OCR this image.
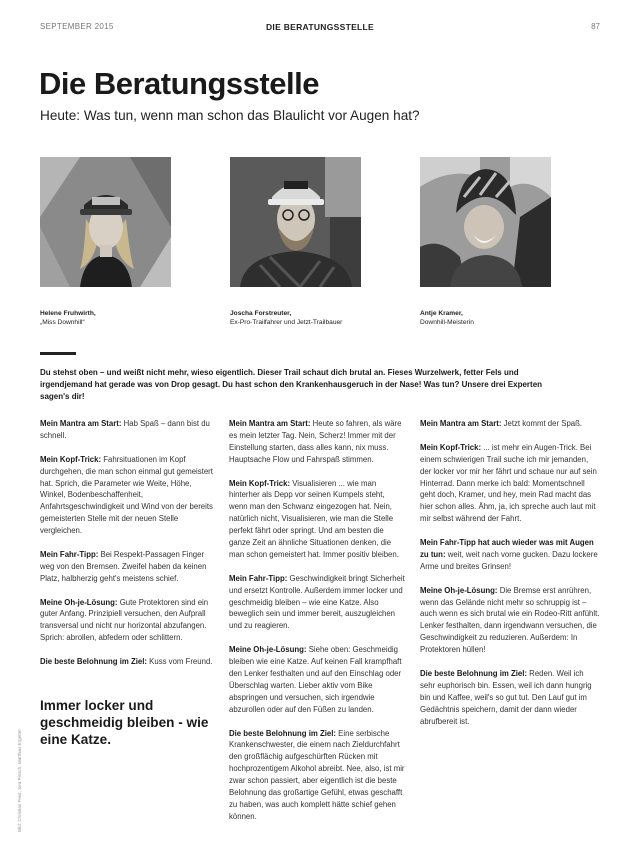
SEPTEMBER 2015	DIE BERATUNGSSTELLE	87
Die Beratungsstelle
Heute: Was tun, wenn man schon das Blaulicht vor Augen hat?
Helene Fruhwirth,
„Miss Downhill“
Joscha Forstreuter,
Ex-Pro-Trailfahrer und Jetzt-Trailbauer
Antje Kramer,
Downhill-Meisterin
Du stehst oben – und weißt nicht mehr, wieso eigentlich. Dieser Trail schaut dich brutal an. Fieses Wurzelwerk, fetter Fels und irgendjemand hat gerade was von Drop gesagt. Du hast schon den Krankenhausgeruch in der Nase! Was tun? Unsere drei Experten sagen's dir!

Mein Mantra am Start: Hab Spaß – dann bist du schnell.

Mein Kopf-Trick: Fahrsituationen im Kopf durchgehen, die man schon einmal gut gemeistert hat. Sprich, die Parameter wie Weite, Höhe, Winkel, Bodenbeschaffenheit, Anfahrtsgeschwindigkeit und Wind von der bereits gemeisterten Stelle mit der neuen Stelle vergleichen.

Mein Fahr-Tipp: Bei Respekt-Passagen Finger weg von den Bremsen. Zweifel haben da keinen Platz, halbherzig geht's meistens schief.

Meine Oh-je-Lösung: Gute Protektoren sind ein guter Anfang. Prinzipiell versuchen, den Aufprall transversal und nicht nur horizontal abzufangen. Sprich: abrollen, abfedern oder schlittern.

Die beste Belohnung im Ziel: Kuss vom Freund.

Mein Mantra am Start: Heute so fahren, als wäre es mein letzter Tag. Nein, Scherz! Immer mit der Einstellung starten, dass alles kann, nix muss. Hauptsache Flow und Fahrspaß stimmen.

Mein Kopf-Trick: Visualisieren ... wie man hinterher als Depp vor seinen Kumpels steht, wenn man den Schwanz eingezogen hat. Nein, natürlich nicht, Visualisieren, wie man die Stelle perfekt fährt oder springt. Und am besten die ganze Zeit an ähnliche Situationen denken, die man schon gemeistert hat. Immer positiv bleiben.

Mein Fahr-Tipp: Geschwindigkeit bringt Sicherheit und ersetzt Kontrolle. Außerdem immer locker und geschmeidig bleiben – wie eine Katze. Also beweglich sein und immer bereit, auszugleichen und zu reagieren.

Meine Oh-je-Lösung: Siehe oben: Geschmeidig bleiben wie eine Katze. Auf keinen Fall krampfhaft den Lenker festhalten und auf den Einschlag oder Überschlag warten. Lieber aktiv vom Bike abspringen und versuchen, sich irgendwie abzurollen oder auf den Füßen zu landen.

Die beste Belohnung im Ziel: Eine serbische Krankenschwester, die einem nach Zieldurchfahrt den großflächig aufgeschürften Rücken mit hochprozentigem Alkohol abreibt. Nee, also, ist mir zwar schon passiert, aber eigentlich ist die beste Belohnung das großartige Gefühl, etwas geschafft zu haben, was auch komplett hätte schief gehen können.

Mein Mantra am Start: Jetzt kommt der Spaß.

Mein Kopf-Trick: ... ist mehr ein Augen-Trick. Bei einem schwierigen Trail suche ich mir jemanden, der locker vor mir her fährt und schaue nur auf sein Hinterrad. Dann merke ich bald: Momentschnell geht doch, Kramer, und hey, mein Rad macht das hier schon alles. Ähm, ja, ich spreche auch laut mit mir selbst während der Fahrt.

Mein Fahr-Tipp hat auch wieder was mit Augen zu tun: weit, weit nach vorne gucken. Dazu lockere Arme und breites Grinsen!

Meine Oh-je-Lösung: Die Bremse erst anrühren, wenn das Gelände nicht mehr so schruppig ist – auch wenn es sich brutal wie ein Rodeo-Ritt anfühlt. Lenker festhalten, dann irgendwann versuchen, die Geschwindigkeit zu reduzieren. Außerdem: In Protektoren hüllen!

Die beste Belohnung im Ziel: Reden. Weil ich sehr euphorisch bin. Essen, weil ich dann hungrig bin und Kaffee, weil's so gut tut. Den Lauf gut im Gedächtnis speichern, damit der dann wieder abrufbereit ist.

Immer locker und geschmeidig bleiben - wie eine Katze.
Bild: Christian Feist, Sea Pinsch, Matthias Ergetter
